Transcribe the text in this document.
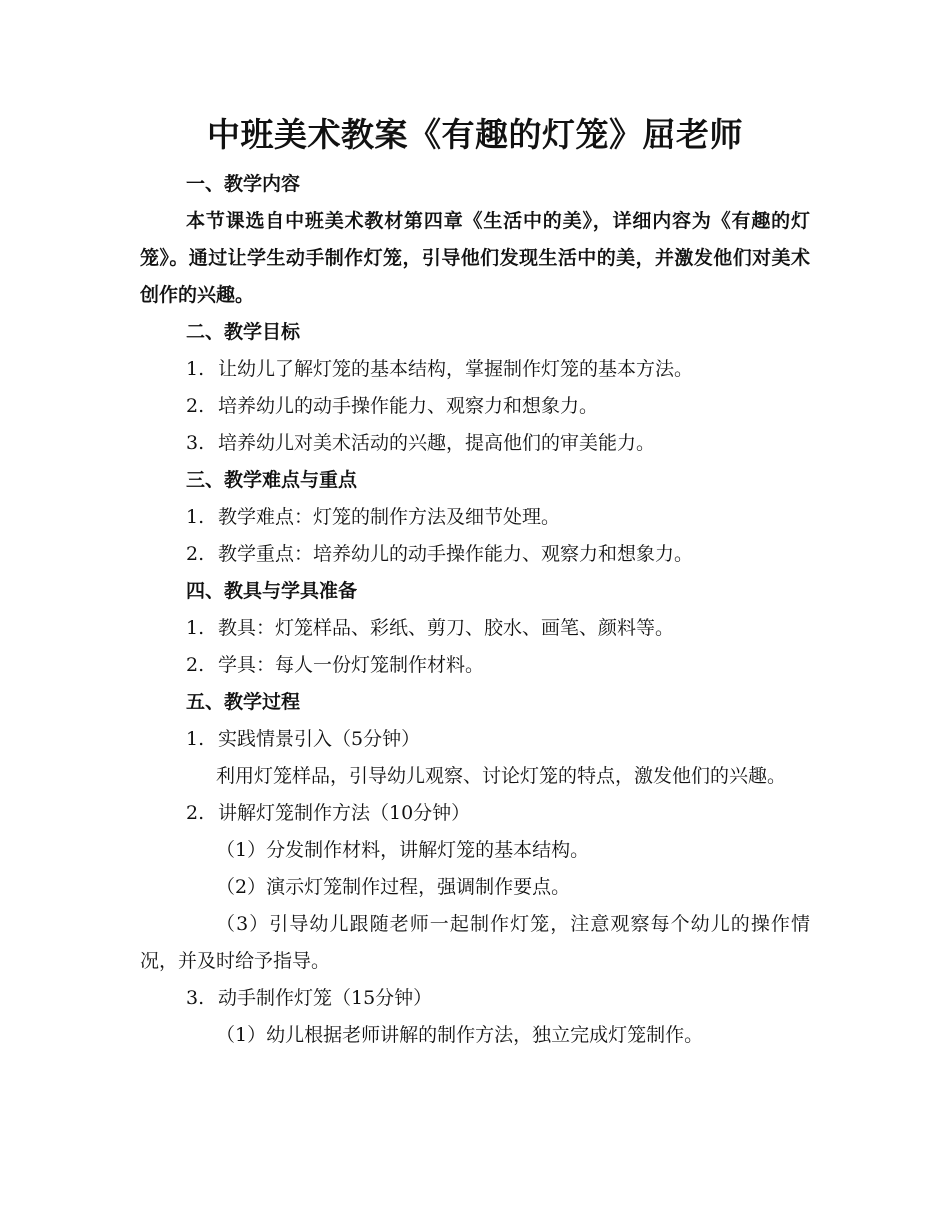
中班美术教案《有趣的灯笼》屈老师

一、教学内容

本节课选自中班美术教材第四章《生活中的美》，详细内容为《有趣的灯笼》。通过让学生动手制作灯笼，引导他们发现生活中的美，并激发他们对美术创作的兴趣。

二、教学目标

1. 让幼儿了解灯笼的基本结构，掌握制作灯笼的基本方法。

2. 培养幼儿的动手操作能力、观察力和想象力。

3. 培养幼儿对美术活动的兴趣，提高他们的审美能力。

三、教学难点与重点

1. 教学难点：灯笼的制作方法及细节处理。

2. 教学重点：培养幼儿的动手操作能力、观察力和想象力。

四、教具与学具准备

1. 教具：灯笼样品、彩纸、剪刀、胶水、画笔、颜料等。

2. 学具：每人一份灯笼制作材料。

五、教学过程

1. 实践情景引入（5分钟）

利用灯笼样品，引导幼儿观察、讨论灯笼的特点，激发他们的兴趣。

2. 讲解灯笼制作方法（10分钟）

（1）分发制作材料，讲解灯笼的基本结构。

（2）演示灯笼制作过程，强调制作要点。

（3）引导幼儿跟随老师一起制作灯笼，注意观察每个幼儿的操作情况，并及时给予指导。

3. 动手制作灯笼（15分钟）

（1）幼儿根据老师讲解的制作方法，独立完成灯笼制作。
